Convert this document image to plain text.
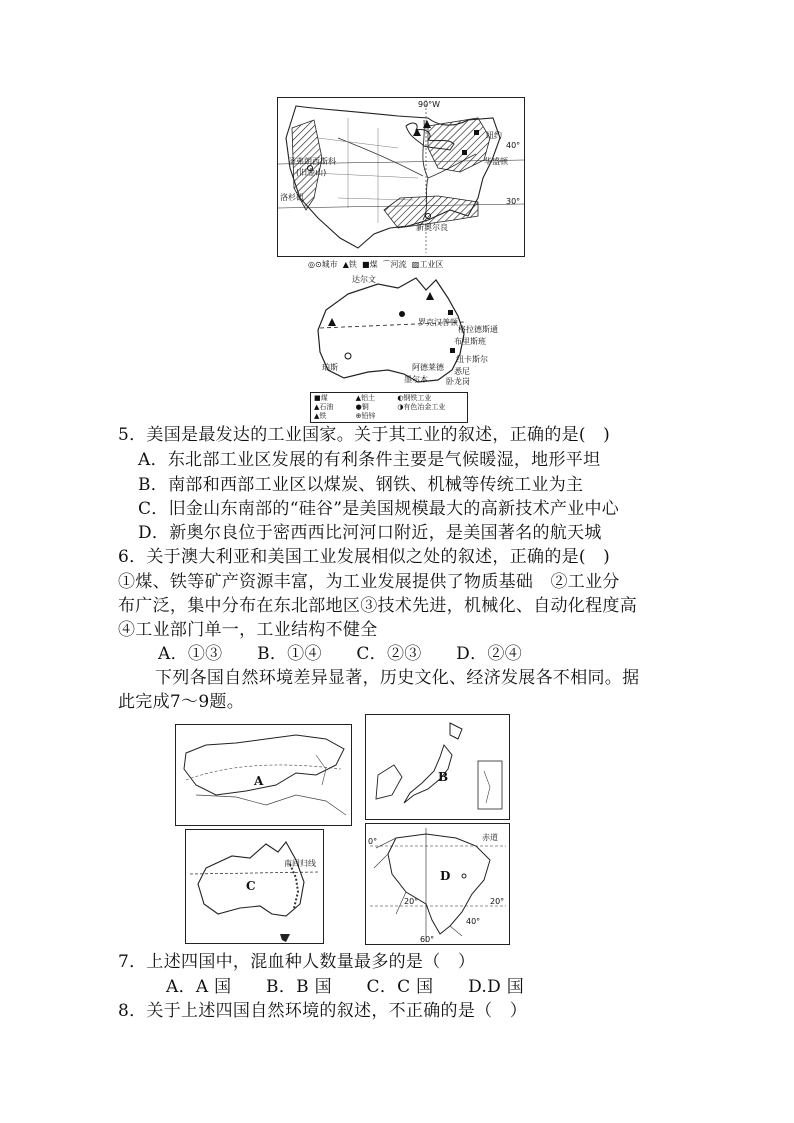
90°W
40°
30°
圣弗朗西斯科
(旧金山)
洛杉矶
新奥尔良
纽约
华盛顿
◎⊙城市 ▲铁 ■煤 ⌒河流 ▨工业区
达尔文
罗克汉普顿
格拉德斯通
布里斯班
纽卡斯尔
悉尼
珀斯	阿德莱德
墨尔本 卧龙岗
■煤	▲铝土	◐钢铁工业
▲石油	●铜	◑有色冶金工业
▲铁	⊕铅锌
5．美国是最发达的工业国家。关于其工业的叙述，正确的是(　)
A．东北部工业区发展的有利条件主要是气候暖湿，地形平坦
B．南部和西部工业区以煤炭、钢铁、机械等传统工业为主
C．旧金山东南部的“硅谷”是美国规模最大的高新技术产业中心
D．新奥尔良位于密西西比河河口附近，是美国著名的航天城
6．关于澳大利亚和美国工业发展相似之处的叙述，正确的是(　)
①煤、铁等矿产资源丰富，为工业发展提供了物质基础　②工业分
布广泛，集中分布在东北部地区③技术先进，机械化、自动化程度高
④工业部门单一，工业结构不健全
A．①③　　B．①④　　C．②③　　D．②④
下列各国自然环境差异显著，历史文化、经济发展各不相同。据
此完成7～9题。
A	B
南回归线
C
0°	赤道
20°	20°
40°
60°
D
7．上述四国中，混血种人数量最多的是（　）
A．A 国　　B．B 国　　C．C 国　　D.D 国
8．关于上述四国自然环境的叙述，不正确的是（　）
